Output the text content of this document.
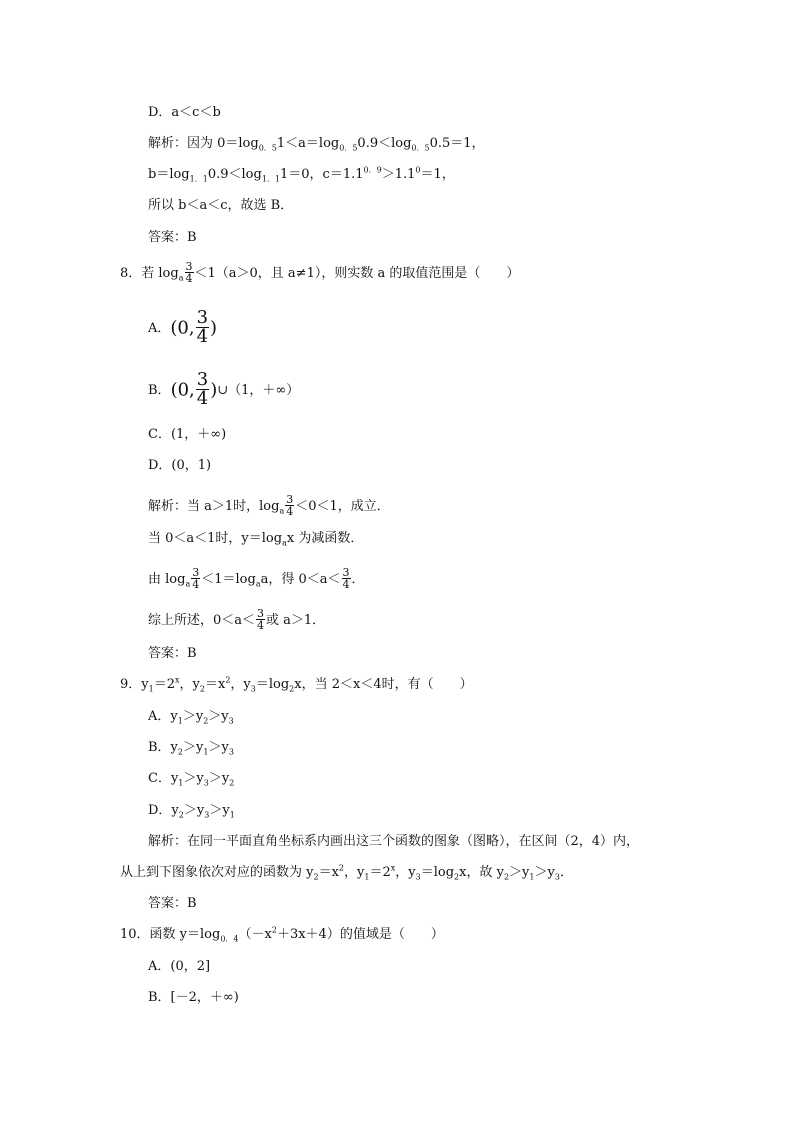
D．a＜c＜b
解析：因为 $0=\log_{0.5}1<a=\log_{0.5}0.9<\log_{0.5}0.5=1$，
$b=\log_{1.1}0.9<\log_{1.1}1=0$，$c=1.1^{0.9}>1.1^0=1$，
所以 b＜a＜c，故选 B．
答案：B
8．若 $\log_a \frac{3}{4} <1(a>0$，且 a≠1），则实数 a 的取值范围是（　　）
A．(0, $\frac{3}{4}$ )
B．(0, $\frac{3}{4}$ )∪（1，＋∞）
C．(1，＋∞)
D．(0，1)
解析：当 a＞1时，$\log_a \frac{3}{4} <0<1$，成立．
当 0＜a＜1时，$y=\log_ax$ 为减函数．
由 $\log_a \frac{3}{4} <1=\log_aa$，得 $0<a< \frac{3}{4}$ ．
综上所述，$0<a< \frac{3}{4}$ 或 a＞1．
答案：B
9．$y_1=2^x$，$y_2=x^2$，$y_3=\log_2x$，当 2＜x＜4时，有（　　）
A．$y_1>y_2>y_3$
B．$y_2>y_1>y_3$
C．$y_1>y_3>y_2$
D．$y_2>y_3>y_1$
解析：在同一平面直角坐标系内画出这三个函数的图象（图略），在区间（2，4）内，
从上到下图象依次对应的函数为 $y_2=x^2$，$y_1=2^x$，$y_3=\log_2x$，故 $y_2>y_1>y_3$．
答案：B
10．函数 $y=\log_{0.4}(-x^2+3x+4)$的值域是（　　）
A．(0，2]
B．[－2，＋∞)
